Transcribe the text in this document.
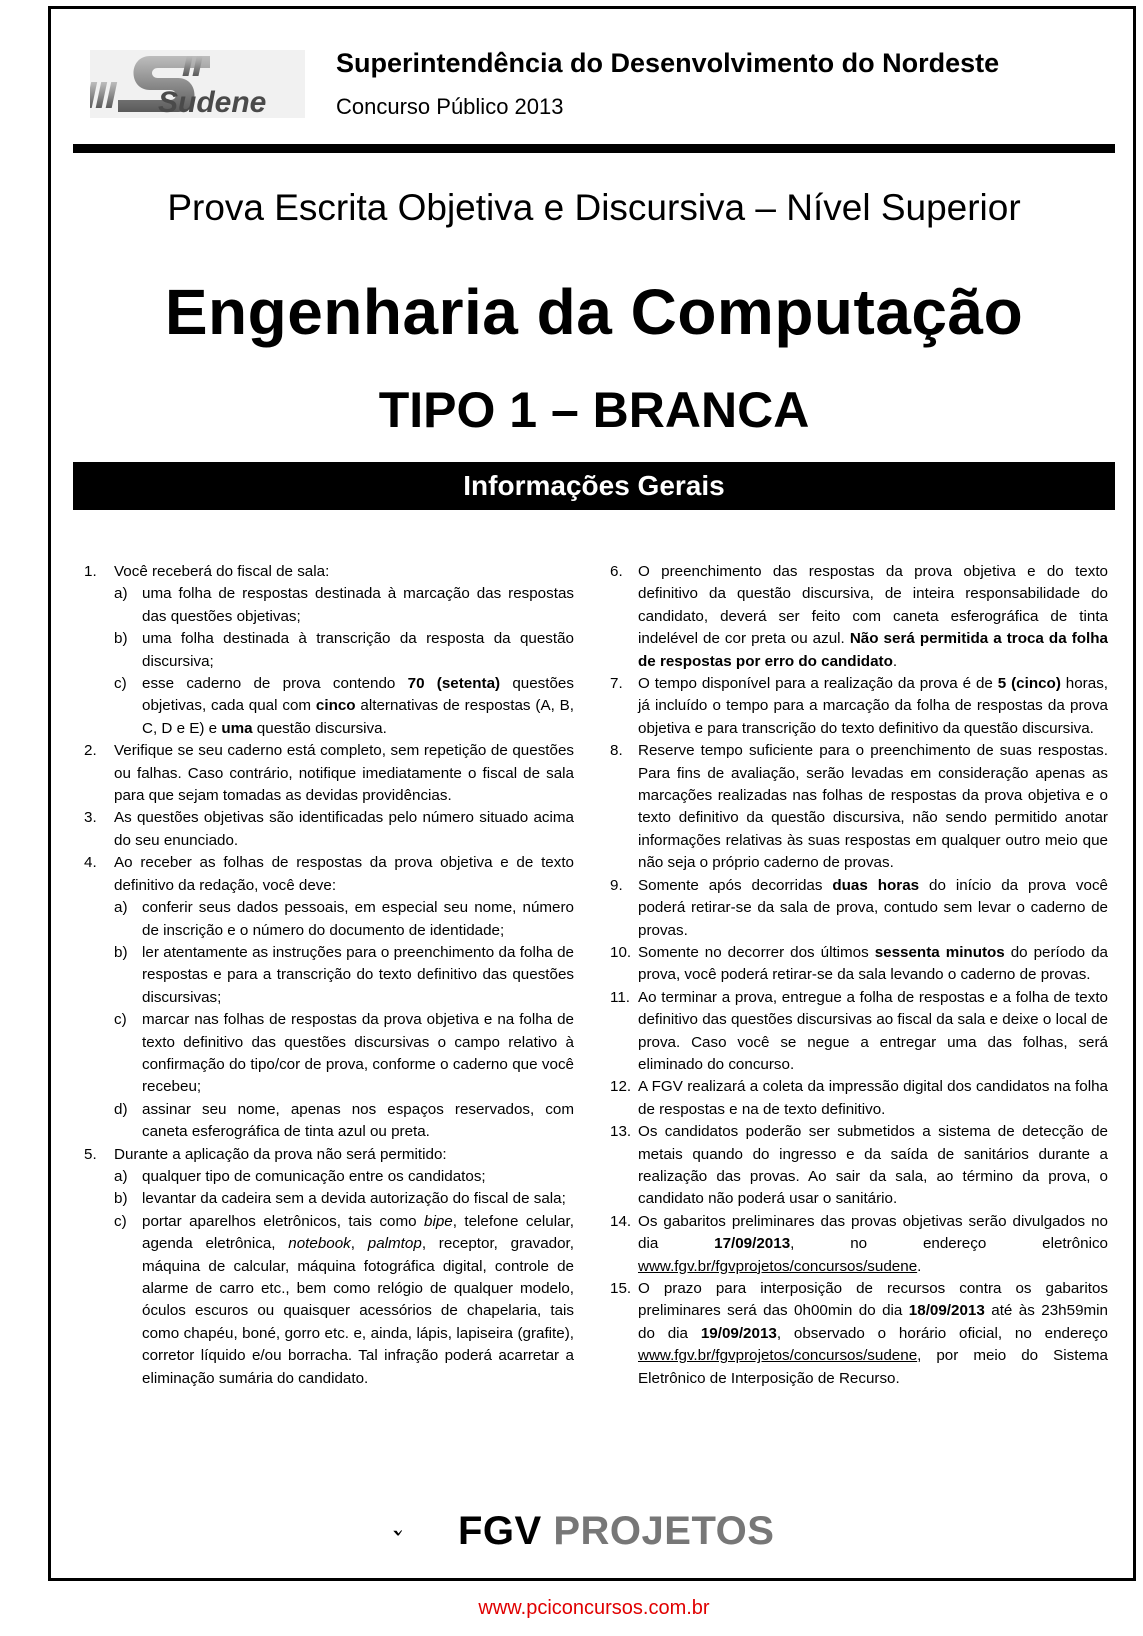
Sudene
Superintendência do Desenvolvimento do Nordeste
Concurso Público 2013
Prova Escrita Objetiva e Discursiva – Nível Superior
Engenharia da Computação
TIPO 1 – BRANCA
Informações Gerais
1.	Você receberá do fiscal de sala:

a) uma folha de respostas destinada à marcação das respostas das questões objetivas;
b) uma folha destinada à transcrição da resposta da questão discursiva;
c)	esse caderno de prova contendo 70 (setenta) questões objetivas, cada qual com cinco alternativas de respostas (A, B, C, D e E) e uma questão discursiva.
2.	Verifique se seu caderno está completo, sem repetição de questões ou falhas. Caso contrário, notifique imediatamente o fiscal de sala para que sejam tomadas as devidas providências.
3.	As questões objetivas são identificadas pelo número situado acima do seu enunciado.
4.	Ao receber as folhas de respostas da prova objetiva e de texto definitivo da redação, você deve:

a) conferir seus dados pessoais, em especial seu nome, número de inscrição e o número do documento de identidade;
b) ler atentamente as instruções para o preenchimento da folha de respostas e para a transcrição do texto definitivo das questões discursivas;
c)	marcar nas folhas de respostas da prova objetiva e na folha de texto definitivo das questões discursivas o campo relativo à confirmação do tipo/cor de prova, conforme o caderno que você recebeu;
d) assinar seu nome, apenas nos espaços reservados, com caneta esferográfica de tinta azul ou preta.
5.	Durante a aplicação da prova não será permitido:

a) qualquer tipo de comunicação entre os candidatos;
b) levantar da cadeira sem a devida autorização do fiscal de sala;
c)	portar aparelhos eletrônicos, tais como bipe, telefone celular, agenda eletrônica, notebook, palmtop, receptor, gravador, máquina de calcular, máquina fotográfica digital, controle de alarme de carro etc., bem como relógio de qualquer modelo, óculos escuros ou quaisquer acessórios de chapelaria, tais como chapéu, boné, gorro etc. e, ainda, lápis, lapiseira (grafite), corretor líquido e/ou borracha. Tal infração poderá acarretar a eliminação sumária do candidato.
6.	O preenchimento das respostas da prova objetiva e do texto definitivo da questão discursiva, de inteira responsabilidade do candidato, deverá ser feito com caneta esferográfica de tinta indelével de cor preta ou azul. Não será permitida a troca da folha de respostas por erro do candidato.
7.	O tempo disponível para a realização da prova é de 5 (cinco) horas, já incluído o tempo para a marcação da folha de respostas da prova objetiva e para transcrição do texto definitivo da questão discursiva.
8.	Reserve tempo suficiente para o preenchimento de suas respostas. Para fins de avaliação, serão levadas em consideração apenas as marcações realizadas nas folhas de respostas da prova objetiva e o texto definitivo da questão discursiva, não sendo permitido anotar informações relativas às suas respostas em qualquer outro meio que não seja o próprio caderno de provas.
9.	Somente após decorridas duas horas do início da prova você poderá retirar-se da sala de prova, contudo sem levar o caderno de provas.
10. Somente no decorrer dos últimos sessenta minutos do período da prova, você poderá retirar-se da sala levando o caderno de provas.
11. Ao terminar a prova, entregue a folha de respostas e a folha de texto definitivo das questões discursivas ao fiscal da sala e deixe o local de prova. Caso você se negue a entregar uma das folhas, será eliminado do concurso.
12. A FGV realizará a coleta da impressão digital dos candidatos na folha de respostas e na de texto definitivo.
13. Os candidatos poderão ser submetidos a sistema de detecção de metais quando do ingresso e da saída de sanitários durante a realização das provas. Ao sair da sala, ao término da prova, o candidato não poderá usar o sanitário.
14. Os gabaritos preliminares das provas objetivas serão divulgados no dia 17/09/2013, no endereço eletrônico www.fgv.br/fgvprojetos/concursos/sudene.
15. O prazo para interposição de recursos contra os gabaritos preliminares será das 0h00min do dia 18/09/2013 até às 23h59min do dia 19/09/2013, observado o horário oficial, no endereço www.fgv.br/fgvprojetos/concursos/sudene, por meio do Sistema Eletrônico de Interposição de Recurso.
FGV PROJETOS
www.pciconcursos.com.br
